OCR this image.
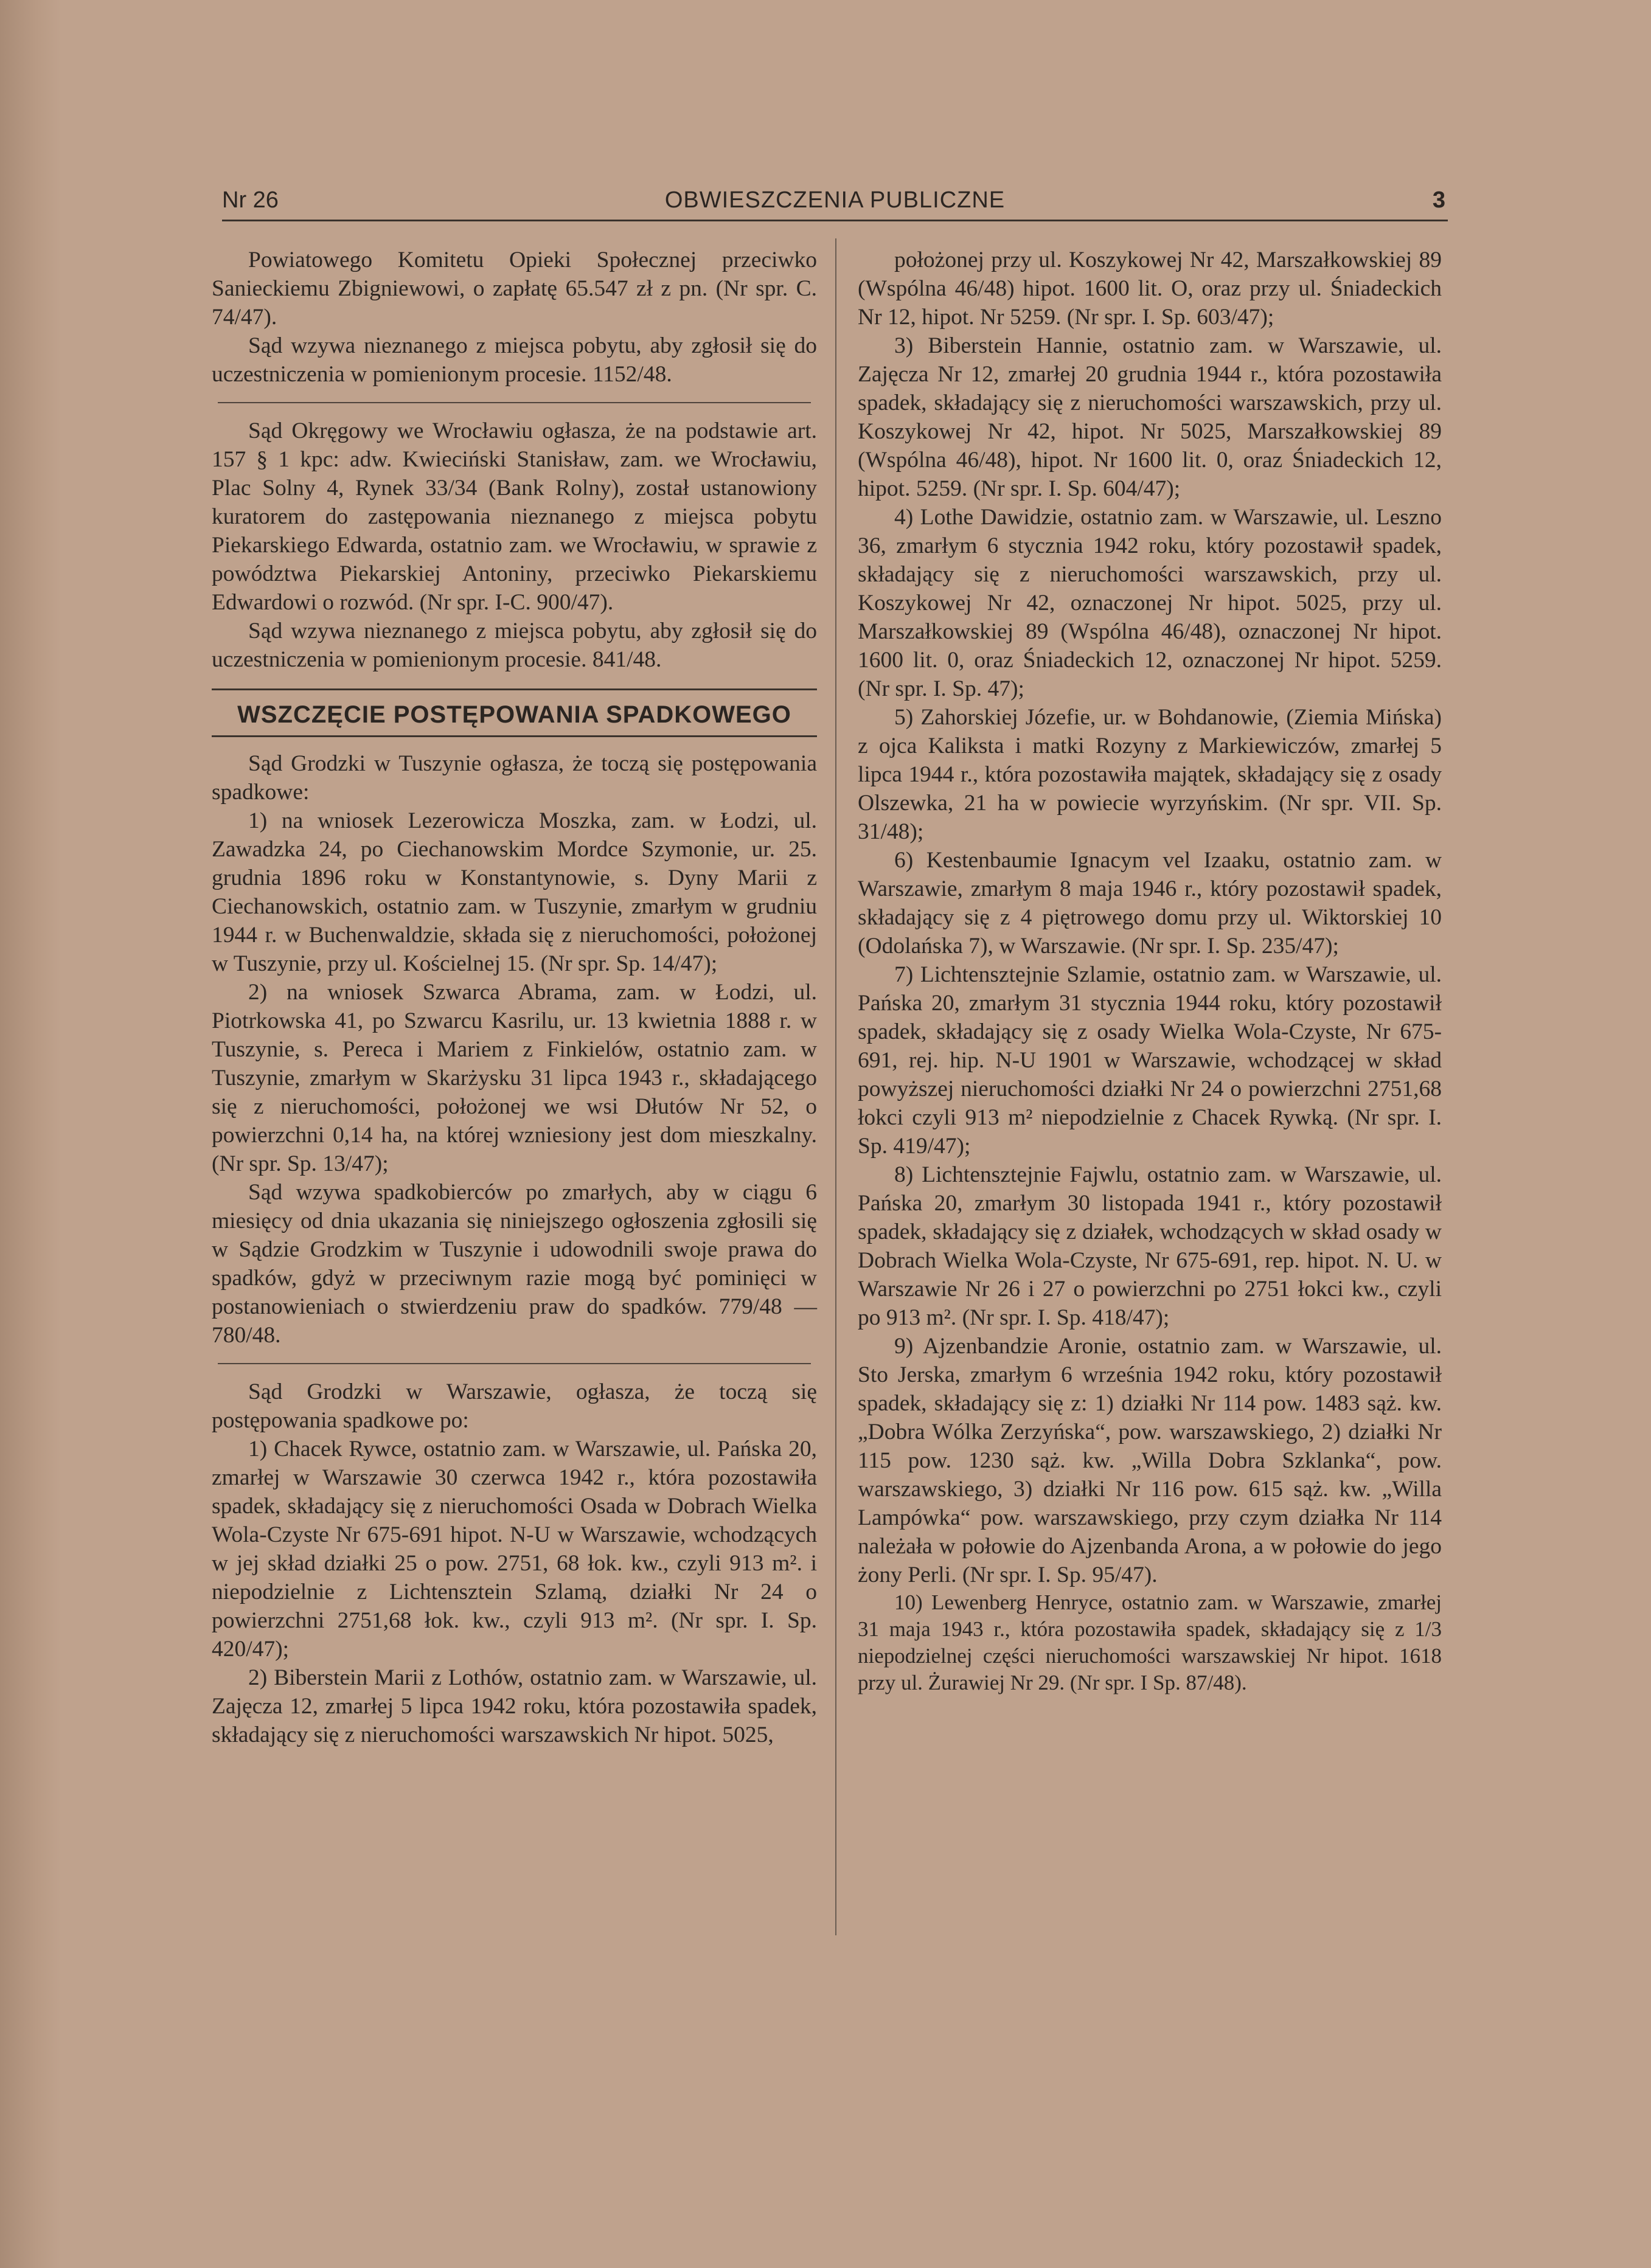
Nr 26	OBWIESZCZENIA PUBLICZNE	3

Powiatowego Komitetu Opieki Społecznej przeciwko Sanieckiemu Zbigniewowi, o zapłatę 65.547 zł z pn. (Nr spr. C. 74/47).

Sąd wzywa nieznanego z miejsca pobytu, aby zgłosił się do uczestniczenia w pomienionym procesie. 1152/48.

Sąd Okręgowy we Wrocławiu ogłasza, że na podstawie art. 157 § 1 kpc: adw. Kwieciński Stanisław, zam. we Wrocławiu, Plac Solny 4, Rynek 33/34 (Bank Rolny), został ustanowiony kuratorem do zastępowania nieznanego z miejsca pobytu Piekarskiego Edwarda, ostatnio zam. we Wrocławiu, w sprawie z powództwa Piekarskiej Antoniny, przeciwko Piekarskiemu Edwardowi o rozwód. (Nr spr. I-C. 900/47).

Sąd wzywa nieznanego z miejsca pobytu, aby zgłosił się do uczestniczenia w pomienionym procesie. 841/48.

WSZCZĘCIE POSTĘPOWANIA SPADKOWEGO

Sąd Grodzki w Tuszynie ogłasza, że toczą się postępowania spadkowe:

1) na wniosek Lezerowicza Moszka, zam. w Łodzi, ul. Zawadzka 24, po Ciechanowskim Mordce Szymonie, ur. 25. grudnia 1896 roku w Konstantynowie, s. Dyny Marii z Ciechanowskich, ostatnio zam. w Tuszynie, zmarłym w grudniu 1944 r. w Buchenwaldzie, składa się z nieruchomości, położonej w Tuszynie, przy ul. Kościelnej 15. (Nr spr. Sp. 14/47);

2) na wniosek Szwarca Abrama, zam. w Łodzi, ul. Piotrkowska 41, po Szwarcu Kasrilu, ur. 13 kwietnia 1888 r. w Tuszynie, s. Pereca i Mariem z Finkielów, ostatnio zam. w Tuszynie, zmarłym w Skarżysku 31 lipca 1943 r., składającego się z nieruchomości, położonej we wsi Dłutów Nr 52, o powierzchni 0,14 ha, na której wzniesiony jest dom mieszkalny. (Nr spr. Sp. 13/47);

Sąd wzywa spadkobierców po zmarłych, aby w ciągu 6 miesięcy od dnia ukazania się niniejszego ogłoszenia zgłosili się w Sądzie Grodzkim w Tuszynie i udowodnili swoje prawa do spadków, gdyż w przeciwnym razie mogą być pominięci w postanowieniach o stwierdzeniu praw do spadków. 779/48 — 780/48.

Sąd Grodzki w Warszawie, ogłasza, że toczą się postępowania spadkowe po:

1) Chacek Rywce, ostatnio zam. w Warszawie, ul. Pańska 20, zmarłej w Warszawie 30 czerwca 1942 r., która pozostawiła spadek, składający się z nieruchomości Osada w Dobrach Wielka Wola-Czyste Nr 675-691 hipot. N-U w Warszawie, wchodzących w jej skład działki 25 o pow. 2751, 68 łok. kw., czyli 913 m². i niepodzielnie z Lichtensztein Szlamą, działki Nr 24 o powierzchni 2751,68 łok. kw., czyli 913 m². (Nr spr. I. Sp. 420/47);

2) Biberstein Marii z Lothów, ostatnio zam. w Warszawie, ul. Zajęcza 12, zmarłej 5 lipca 1942 roku, która pozostawiła spadek, składający się z nieruchomości warszawskich Nr hipot. 5025,

położonej przy ul. Koszykowej Nr 42, Marszałkowskiej 89 (Wspólna 46/48) hipot. 1600 lit. O, oraz przy ul. Śniadeckich Nr 12, hipot. Nr 5259. (Nr spr. I. Sp. 603/47);

3) Biberstein Hannie, ostatnio zam. w Warszawie, ul. Zajęcza Nr 12, zmarłej 20 grudnia 1944 r., która pozostawiła spadek, składający się z nieruchomości warszawskich, przy ul. Koszykowej Nr 42, hipot. Nr 5025, Marszałkowskiej 89 (Wspólna 46/48), hipot. Nr 1600 lit. 0, oraz Śniadeckich 12, hipot. 5259. (Nr spr. I. Sp. 604/47);

4) Lothe Dawidzie, ostatnio zam. w Warszawie, ul. Leszno 36, zmarłym 6 stycznia 1942 roku, który pozostawił spadek, składający się z nieruchomości warszawskich, przy ul. Koszykowej Nr 42, oznaczonej Nr hipot. 5025, przy ul. Marszałkowskiej 89 (Wspólna 46/48), oznaczonej Nr hipot. 1600 lit. 0, oraz Śniadeckich 12, oznaczonej Nr hipot. 5259. (Nr spr. I. Sp. 47);

5) Zahorskiej Józefie, ur. w Bohdanowie, (Ziemia Mińska) z ojca Kaliksta i matki Rozyny z Markiewiczów, zmarłej 5 lipca 1944 r., która pozostawiła majątek, składający się z osady Olszewka, 21 ha w powiecie wyrzyńskim. (Nr spr. VII. Sp. 31/48);

6) Kestenbaumie Ignacym vel Izaaku, ostatnio zam. w Warszawie, zmarłym 8 maja 1946 r., który pozostawił spadek, składający się z 4 piętrowego domu przy ul. Wiktorskiej 10 (Odolańska 7), w Warszawie. (Nr spr. I. Sp. 235/47);

7) Lichtensztejnie Szlamie, ostatnio zam. w Warszawie, ul. Pańska 20, zmarłym 31 stycznia 1944 roku, który pozostawił spadek, składający się z osady Wielka Wola-Czyste, Nr 675-691, rej. hip. N-U 1901 w Warszawie, wchodzącej w skład powyższej nieruchomości działki Nr 24 o powierzchni 2751,68 łokci czyli 913 m² niepodzielnie z Chacek Rywką. (Nr spr. I. Sp. 419/47);

8) Lichtensztejnie Fajwlu, ostatnio zam. w Warszawie, ul. Pańska 20, zmarłym 30 listopada 1941 r., który pozostawił spadek, składający się z działek, wchodzących w skład osady w Dobrach Wielka Wola-Czyste, Nr 675-691, rep. hipot. N. U. w Warszawie Nr 26 i 27 o powierzchni po 2751 łokci kw., czyli po 913 m². (Nr spr. I. Sp. 418/47);

9) Ajzenbandzie Aronie, ostatnio zam. w Warszawie, ul. Sto Jerska, zmarłym 6 września 1942 roku, który pozostawił spadek, składający się z: 1) działki Nr 114 pow. 1483 sąż. kw. „Dobra Wólka Zerzyńska“, pow. warszawskiego, 2) działki Nr 115 pow. 1230 sąż. kw. „Willa Dobra Szklanka“, pow. warszawskiego, 3) działki Nr 116 pow. 615 sąż. kw. „Willa Lampówka“ pow. warszawskiego, przy czym działka Nr 114 należała w połowie do Ajzenbanda Arona, a w połowie do jego żony Perli. (Nr spr. I. Sp. 95/47).

10) Lewenberg Henryce, ostatnio zam. w Warszawie, zmarłej 31 maja 1943 r., która pozostawiła spadek, składający się z 1/3 niepodzielnej części nieruchomości warszawskiej Nr hipot. 1618 przy ul. Żurawiej Nr 29. (Nr spr. I Sp. 87/48).
